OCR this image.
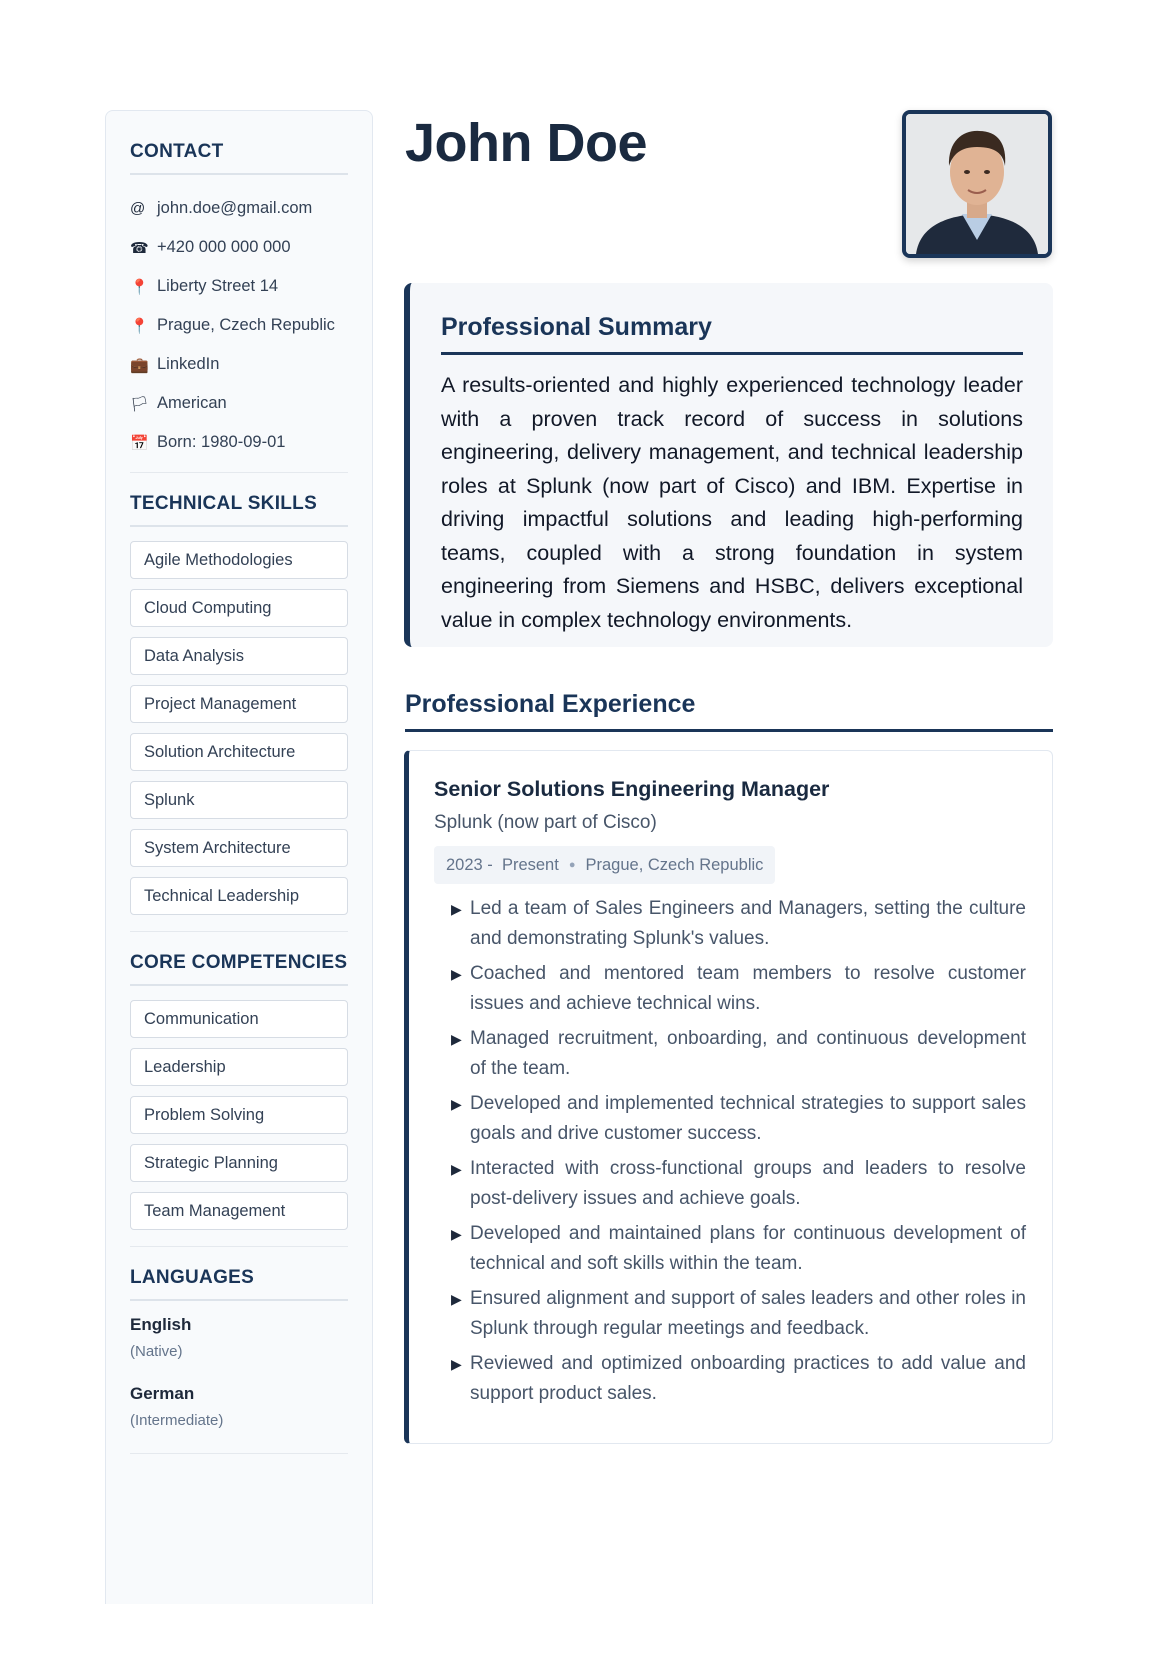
CONTACT
@ john.doe@gmail.com
☎ +420 000 000 000
📍 Liberty Street 14
📍 Prague, Czech Republic
💼 LinkedIn
🏳 American
📅 Born: 1980-09-01
TECHNICAL SKILLS
Agile Methodologies
Cloud Computing
Data Analysis
Project Management
Solution Architecture
Splunk
System Architecture
Technical Leadership
CORE COMPETENCIES
Communication
Leadership
Problem Solving
Strategic Planning
Team Management
LANGUAGES
English
(Native)
German
(Intermediate)
John Doe
Professional Summary
A results-oriented and highly experienced technology leader with a proven track record of success in solutions engineering, delivery management, and technical leadership roles at Splunk (now part of Cisco) and IBM. Expertise in driving impactful solutions and leading high-performing teams, coupled with a strong foundation in system engineering from Siemens and HSBC, delivers exceptional value in complex technology environments.
Professional Experience
Senior Solutions Engineering Manager
Splunk (now part of Cisco)
2023 -  Present ● Prague, Czech Republic
▶ Led a team of Sales Engineers and Managers, setting the culture and demonstrating Splunk's values.
▶ Coached and mentored team members to resolve customer issues and achieve technical wins.
▶ Managed recruitment, onboarding, and continuous development of the team.
▶ Developed and implemented technical strategies to support sales goals and drive customer success.
▶ Interacted with cross-functional groups and leaders to resolve post-delivery issues and achieve goals.
▶ Developed and maintained plans for continuous development of technical and soft skills within the team.
▶ Ensured alignment and support of sales leaders and other roles in Splunk through regular meetings and feedback.
▶ Reviewed and optimized onboarding practices to add value and support product sales.
